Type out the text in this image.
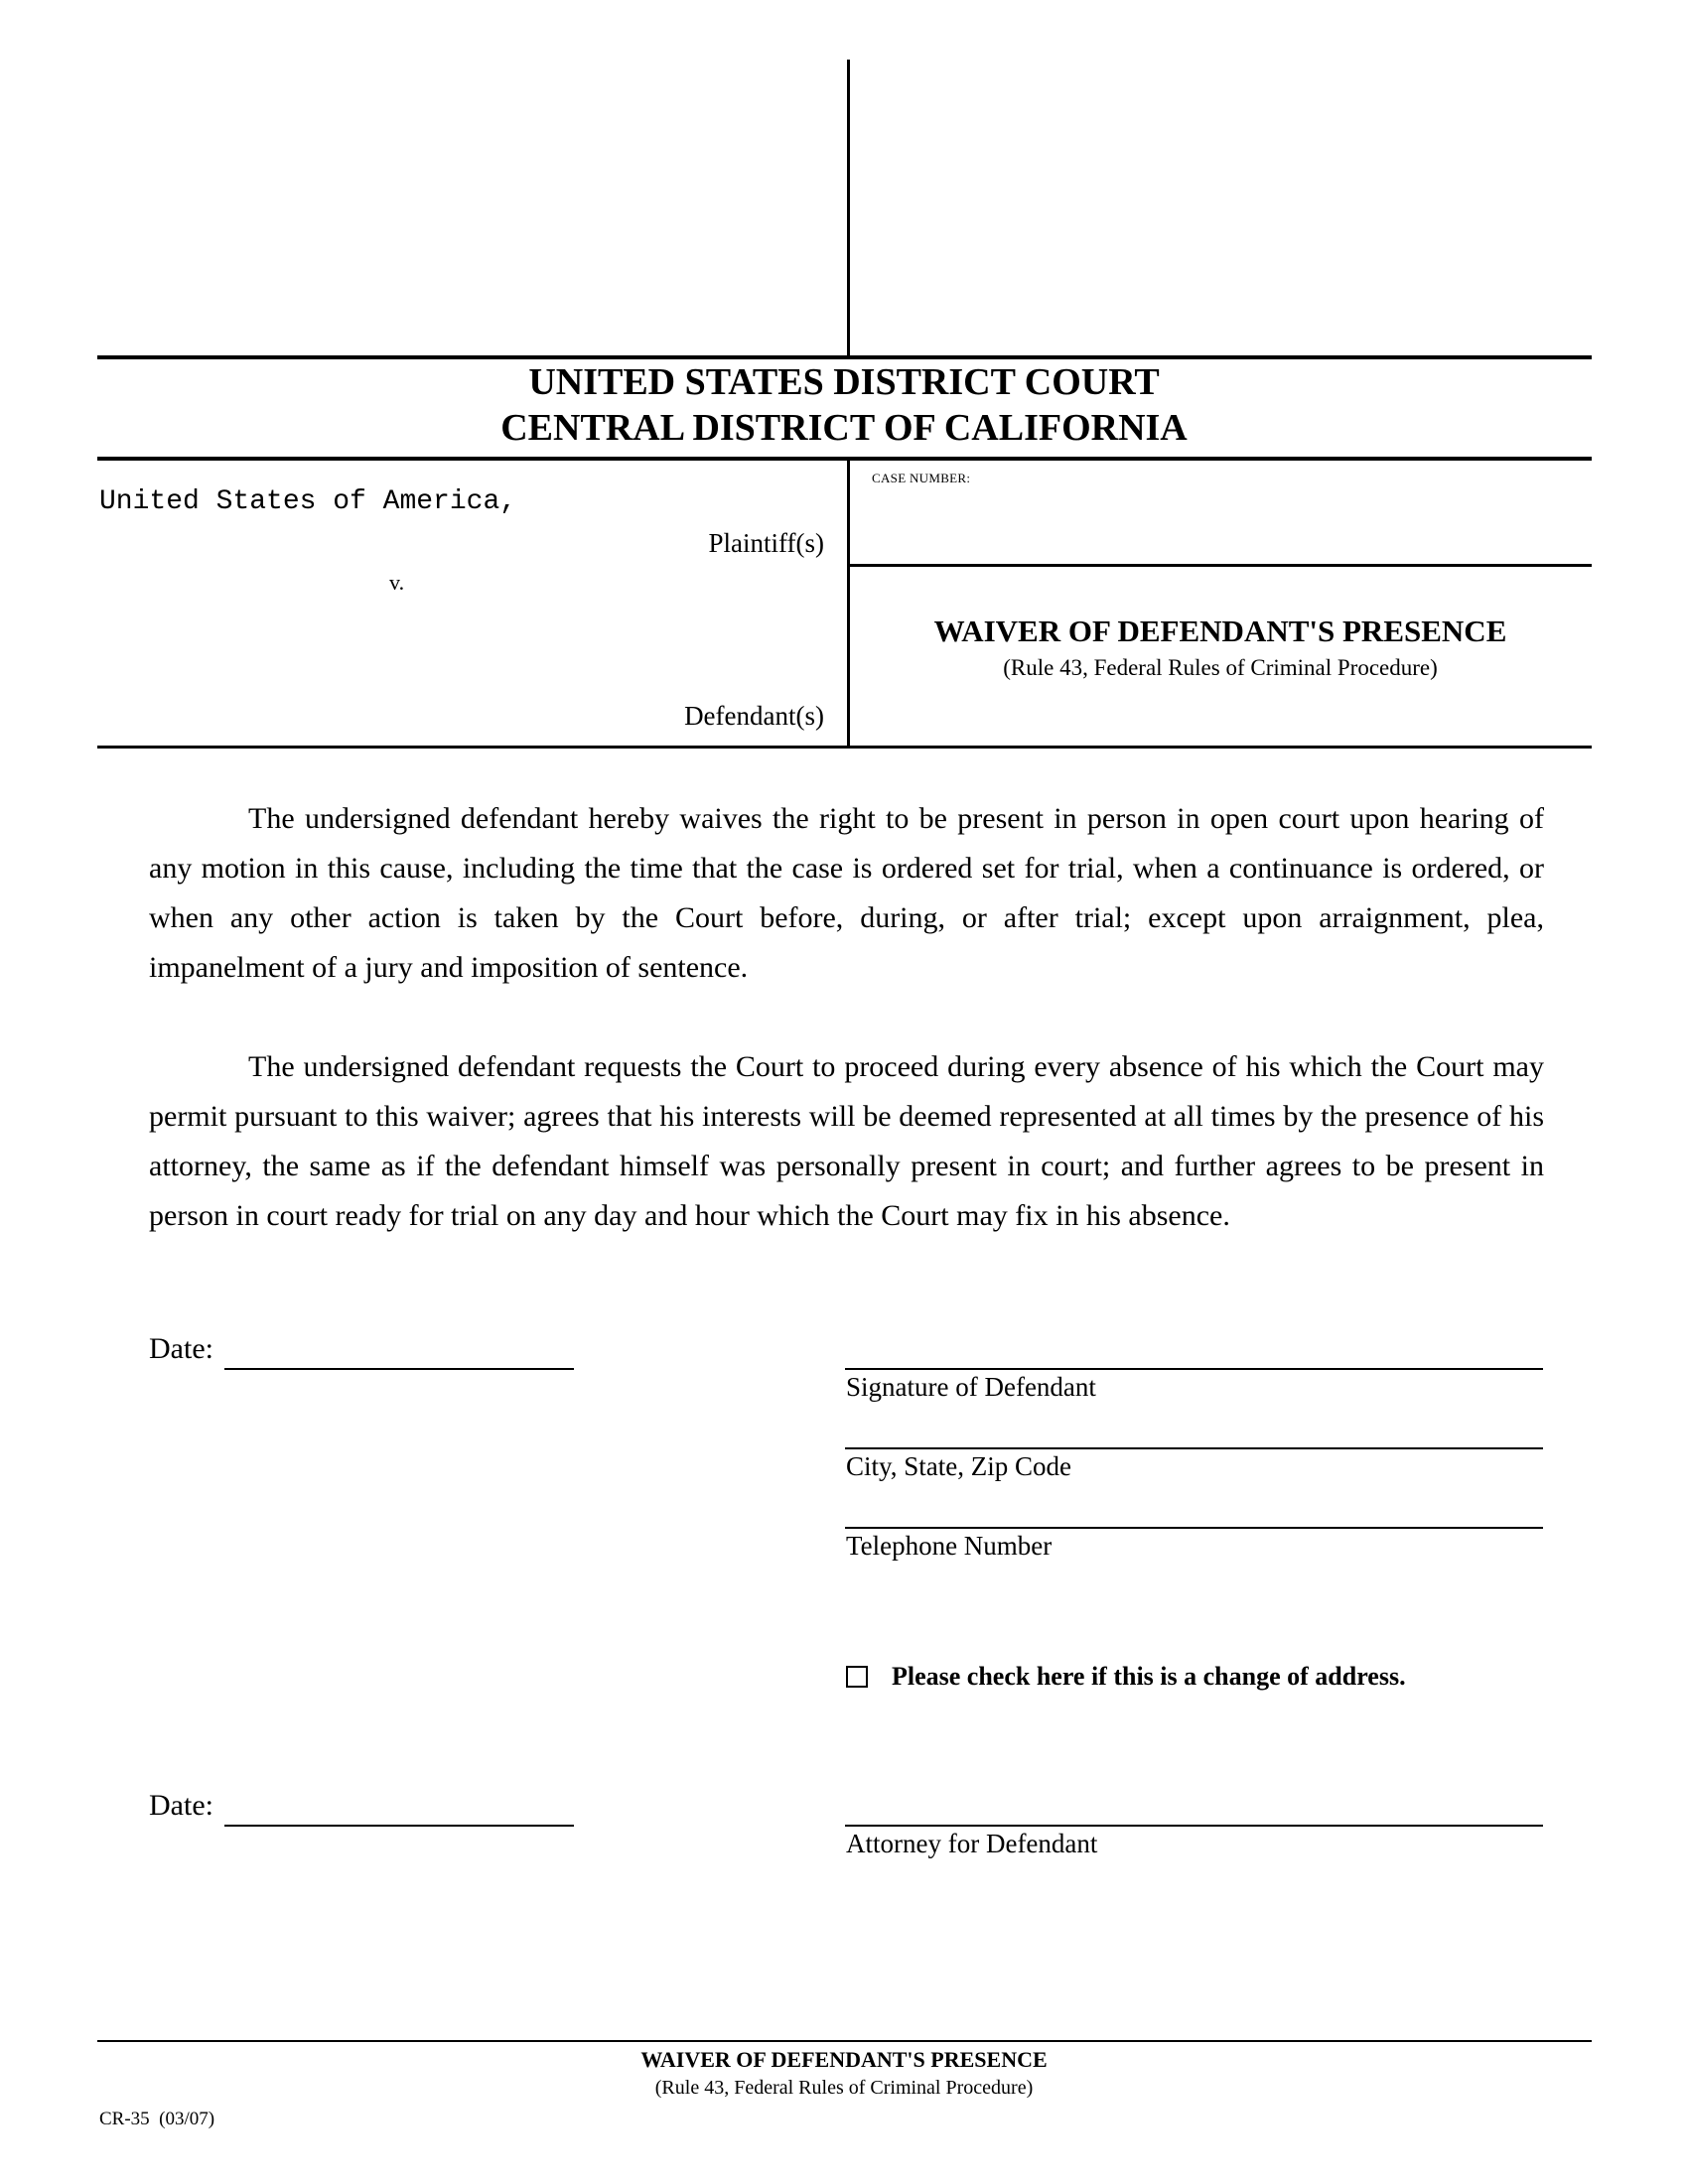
UNITED STATES DISTRICT COURT
CENTRAL DISTRICT OF CALIFORNIA
United States of America,
Plaintiff(s)
v.
Defendant(s)
CASE NUMBER:
WAIVER OF DEFENDANT'S PRESENCE
(Rule 43, Federal Rules of Criminal Procedure)

The undersigned defendant hereby waives the right to be present in person in open court upon hearing of any motion in this cause, including the time that the case is ordered set for trial, when a continuance is ordered, or when any other action is taken by the Court before, during, or after trial; except upon arraignment, plea, impanelment of a jury and imposition of sentence.

The undersigned defendant requests the Court to proceed during every absence of his which the Court may permit pursuant to this waiver; agrees that his interests will be deemed represented at all times by the presence of his attorney, the same as if the defendant himself was personally present in court; and further agrees to be present in person in court ready for trial on any day and hour which the Court may fix in his absence.

Date:
Signature of Defendant
City, State, Zip Code
Telephone Number
Please check here if this is a change of address.
Date:
Attorney for Defendant
WAIVER OF DEFENDANT'S PRESENCE
(Rule 43, Federal Rules of Criminal Procedure)
CR-35  (03/07)
